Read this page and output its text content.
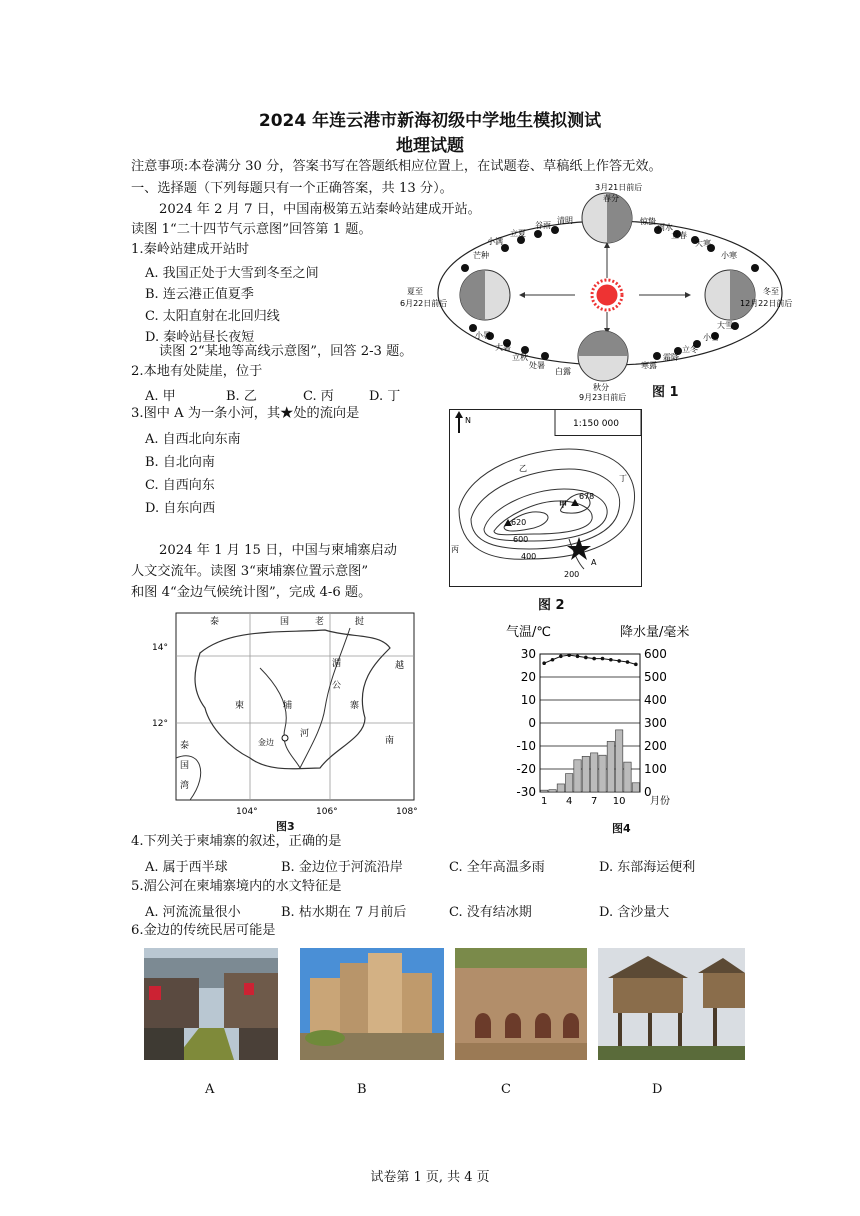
2024 年连云港市新海初级中学地生模拟测试
地理试题
注意事项:本卷满分 30 分，答案书写在答题纸相应位置上，在试题卷、草稿纸上作答无效。
一、选择题（下列每题只有一个正确答案，共 13 分）。
2024 年 2 月 7 日，中国南极第五站秦岭站建成开站。
读图 1“二十四节气示意图”回答第 1 题。
1.秦岭站建成开站时
A. 我国正处于大雪到冬至之间
B. 连云港正值夏季
C. 太阳直射在北回归线
D. 秦岭站昼长夜短
读图 2“某地等高线示意图”，回答 2-3 题。
2.本地有处陡崖，位于
A. 甲	B. 乙	C. 丙	D. 丁
3.图中 A 为一条小河，其★处的流向是
A. 自西北向东南
B. 自北向南
C. 自西向东
D. 自东向西
2024 年 1 月 15 日，中国与柬埔寨启动
人文交流年。读图 3“柬埔寨位置示意图”
和图 4“金边气候统计图”，完成 4-6 题。
3月21日前后
春分
夏至
6月22日前后
冬至
12月22日前后
秋分
9月23日前后
清明
谷雨
立夏
小满
芒种
惊蛰
雨水
立春
大寒
小寒
小暑
大暑
立秋
处暑
白露
寒露
霜降
立冬
小雪
大雪
图 1
1:150 000
N
乙
甲
丁
丙
A
678
620
600
400
200
图 2
泰	国	老	挝
越
南
泰
国
湾
柬	埔	寨
湄
公
河
金边
14°
12°
104°	106°	108°
图3
气温/℃	降水量/毫米
30	600
20	500
10	400
0	300
-10	200
-20	100
-30	0
1 4 7 10 月份
图4
4.下列关于柬埔寨的叙述，正确的是
A. 属于西半球	B. 金边位于河流沿岸	C. 全年高温多雨	D. 东部海运便利
5.湄公河在柬埔寨境内的水文特征是
A. 河流流量很小	B. 枯水期在 7 月前后	C. 没有结冰期	D. 含沙量大
6.金边的传统民居可能是
A	B	C	D
试卷第 1 页, 共 4 页
